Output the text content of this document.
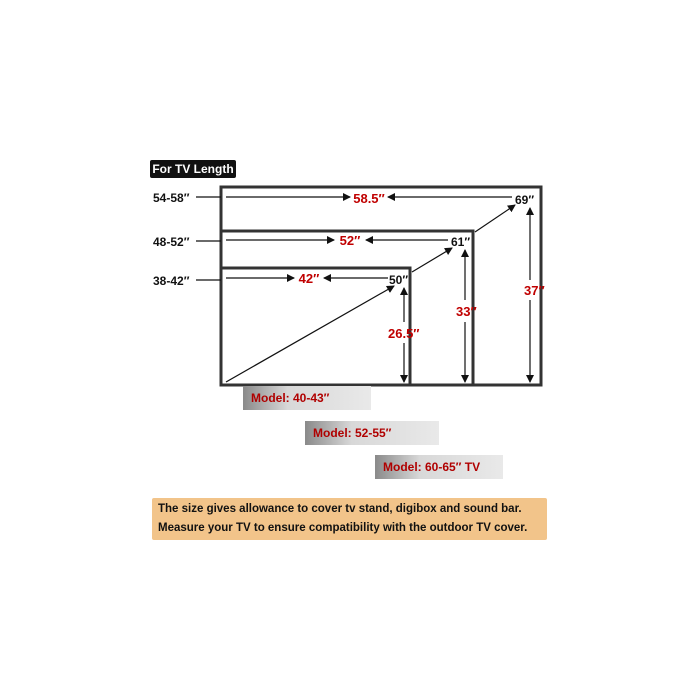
For TV Length
54-58″
48-52″
38-42″
58.5″
52″
42″
69″
61″
50″
37″
33″
26.5″
Model: 40-43″
Model: 52-55″
Model: 60-65″ TV
The size gives allowance to cover tv stand, digibox and sound bar.
Measure your TV to ensure compatibility with the outdoor TV cover.
